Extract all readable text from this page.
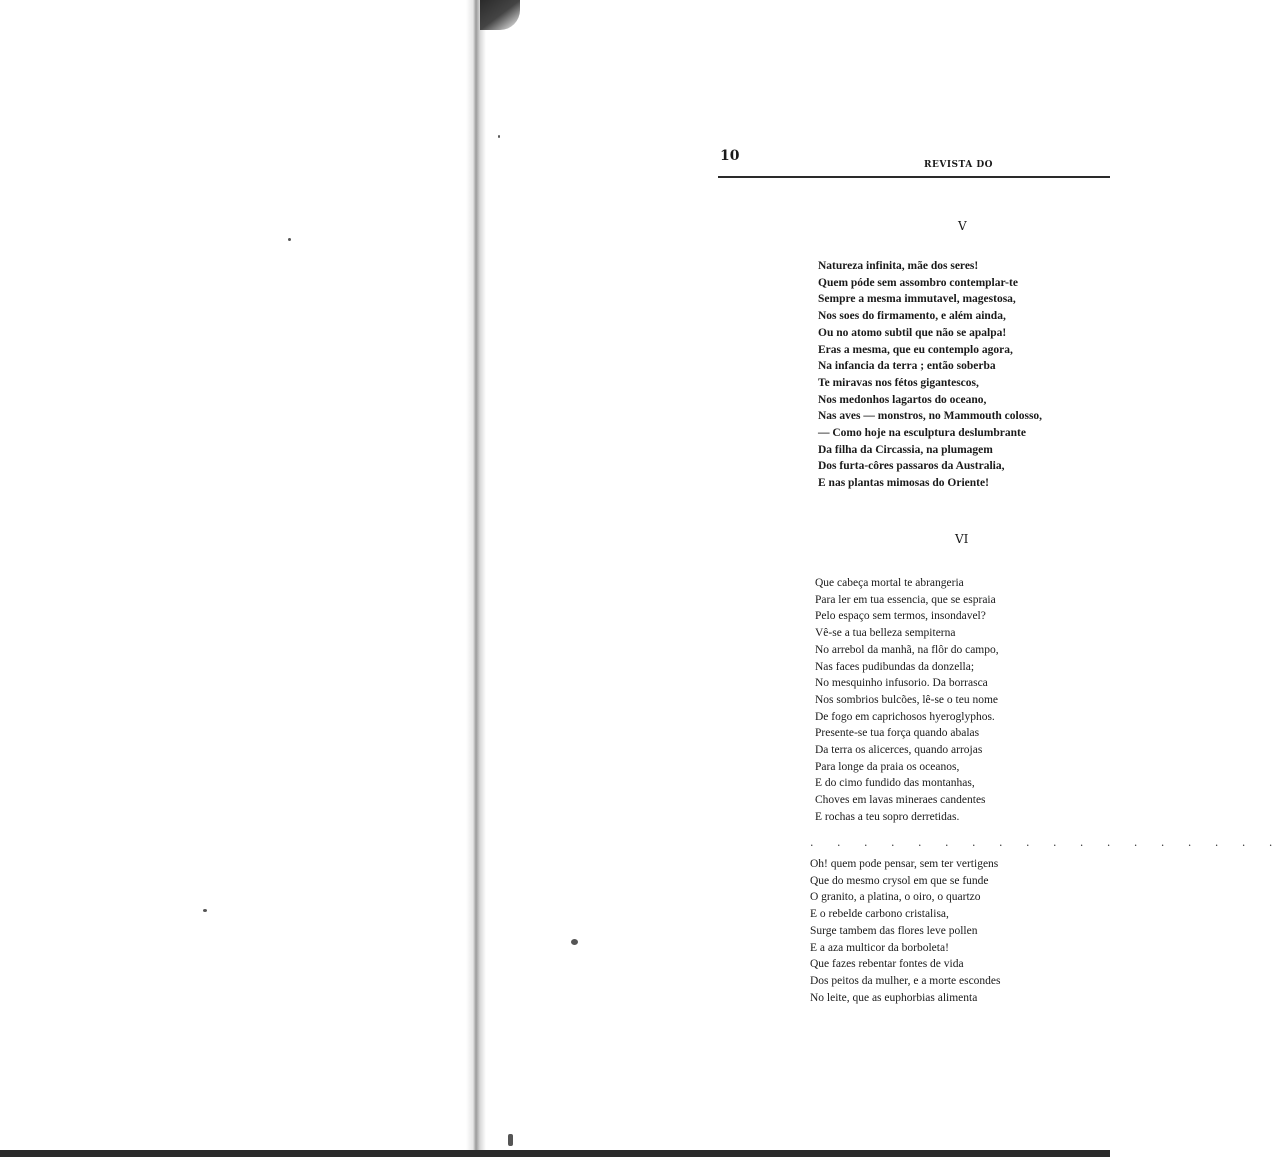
10
REVISTA DO
V
Natureza infinita, mãe dos seres!
Quem póde sem assombro contemplar-te
Sempre a mesma immutavel, magestosa,
Nos soes do firmamento, e além ainda,
Ou no atomo subtil que não se apalpa!
Eras a mesma, que eu contemplo agora,
Na infancia da terra ; então soberba
Te miravas nos fétos gigantescos,
Nos medonhos lagartos do oceano,
Nas aves — monstros, no Mammouth colosso,
— Como hoje na esculptura deslumbrante
Da filha da Circassia, na plumagem
Dos furta-côres passaros da Australia,
E nas plantas mimosas do Oriente!
VI
Que cabeça mortal te abrangeria
Para ler em tua essencia, que se espraia
Pelo espaço sem termos, insondavel?
Vê-se a tua belleza sempiterna
No arrebol da manhã, na flôr do campo,
Nas faces pudibundas da donzella;
No mesquinho infusorio. Da borrasca
Nos sombrios bulcões, lê-se o teu nome
De fogo em caprichosos hyeroglyphos.
Presente-se tua força quando abalas
Da terra os alicerces, quando arrojas
Para longe da praia os oceanos,
E do cimo fundido das montanhas,
Choves em lavas mineraes candentes
E rochas a teu sopro derretidas.
. . . . . . . . . . . . . . . . . .
Oh! quem pode pensar, sem ter vertigens
Que do mesmo crysol em que se funde
O granito, a platina, o oiro, o quartzo
E o rebelde carbono cristalisa,
Surge tambem das flores leve pollen
E a aza multicor da borboleta!
Que fazes rebentar fontes de vida
Dos peitos da mulher, e a morte escondes
No leite, que as euphorbias alimenta
